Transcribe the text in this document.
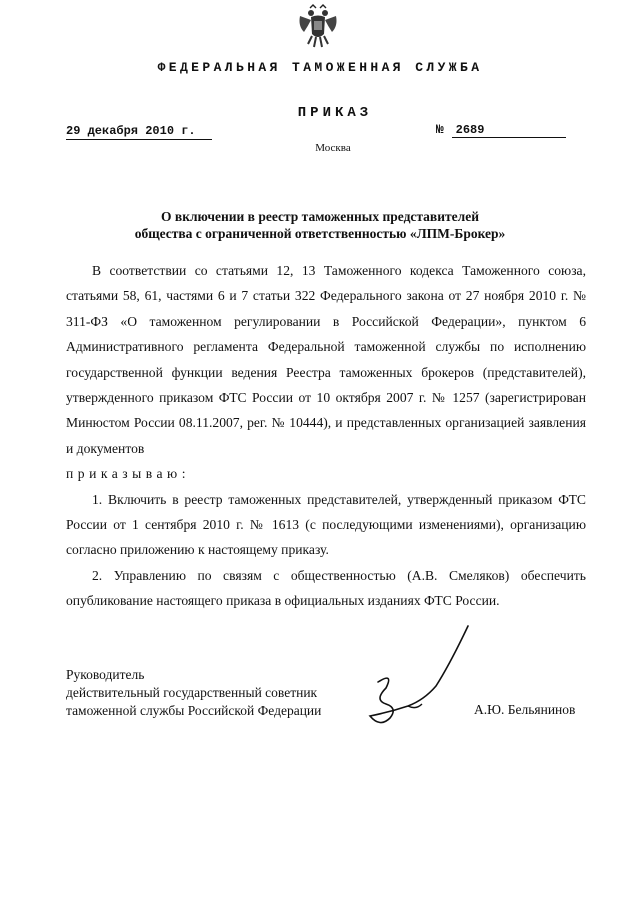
ФЕДЕРАЛЬНАЯ ТАМОЖЕННАЯ СЛУЖБА
ПРИКАЗ
29 декабря 2010 г.	№ 2689
Москва
О включении в реестр таможенных представителей
общества с ограниченной ответственностью «ЛПМ-Брокер»

В соответствии со статьями 12, 13 Таможенного кодекса Таможенного союза, статьями 58, 61, частями 6 и 7 статьи 322 Федерального закона от 27 ноября 2010 г. № 311-ФЗ «О таможенном регулировании в Российской Федерации», пунктом 6 Административного регламента Федеральной таможенной службы по исполнению государственной функции ведения Реестра таможенных брокеров (представителей), утвержденного приказом ФТС России от 10 октября 2007 г. № 1257 (зарегистрирован Минюстом России 08.11.2007, рег. № 10444), и представленных организацией заявления и документов

приказываю:

1. Включить в реестр таможенных представителей, утвержденный приказом ФТС России от 1 сентября 2010 г. № 1613 (с последующими изменениями), организацию согласно приложению к настоящему приказу.

2. Управлению по связям с общественностью (А.В. Смеляков) обеспечить опубликование настоящего приказа в официальных изданиях ФТС России.

Руководитель
действительный государственный советник
таможенной службы Российской Федерации	А.Ю. Бельянинов
